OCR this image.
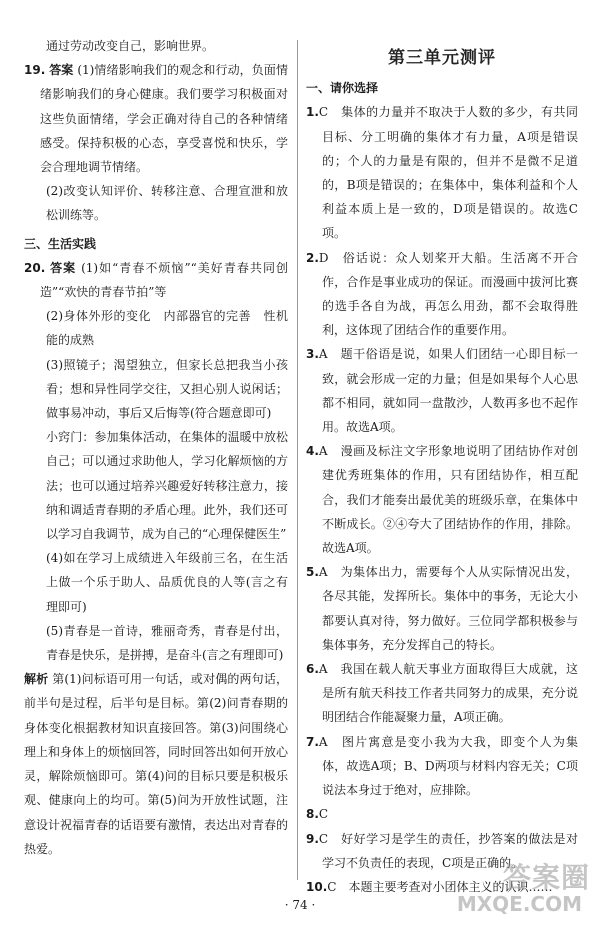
通过劳动改变自己，影响世界。

19. 答案 (1)情绪影响我们的观念和行动，负面情绪影响我们的身心健康。我们要学习积极面对这些负面情绪，学会正确对待自己的各种情绪感受。保持积极的心态，享受喜悦和快乐，学会合理地调节情绪。

(2)改变认知评价、转移注意、合理宣泄和放松训练等。

三、生活实践

20. 答案 (1)如“青春不烦恼”“美好青春共同创造”“欢快的青春节拍”等

(2)身体外形的变化　内部器官的完善　性机能的成熟

(3)照镜子；渴望独立，但家长总把我当小孩看；想和异性同学交往，又担心别人说闲话；做事易冲动，事后又后悔等(符合题意即可)

小窍门：参加集体活动，在集体的温暖中放松自己；可以通过求助他人，学习化解烦恼的方法；也可以通过培养兴趣爱好转移注意力，接纳和调适青春期的矛盾心理。此外，我们还可以学习自我调节，成为自己的“心理保健医生”

(4)如在学习上成绩进入年级前三名，在生活上做一个乐于助人、品质优良的人等(言之有理即可)

(5)青春是一首诗，雅丽奇秀，青春是付出，青春是快乐，是拼搏，是奋斗(言之有理即可)

解析 第(1)问标语可用一句话，或对偶的两句话，前半句是过程，后半句是目标。第(2)问青春期的身体变化根据教材知识直接回答。第(3)问围绕心理上和身体上的烦恼回答，同时回答出如何开放心灵，解除烦恼即可。第(4)问的目标只要是积极乐观、健康向上的均可。第(5)问为开放性试题，注意设计祝福青春的话语要有激情，表达出对青春的热爱。

第三单元测评

一、请你选择

1.C　集体的力量并不取决于人数的多少，有共同目标、分工明确的集体才有力量，A项是错误的；个人的力量是有限的，但并不是微不足道的，B项是错误的；在集体中，集体利益和个人利益本质上是一致的，D项是错误的。故选C项。

2.D　俗话说：众人划桨开大船。生活离不开合作，合作是事业成功的保证。而漫画中拔河比赛的选手各自为战，再怎么用劲，都不会取得胜利，这体现了团结合作的重要作用。

3.A　题干俗语是说，如果人们团结一心即目标一致，就会形成一定的力量；但是如果每个人心思都不相同，就如同一盘散沙，人数再多也不起作用。故选A项。

4.A　漫画及标注文字形象地说明了团结协作对创建优秀班集体的作用，只有团结协作，相互配合，我们才能奏出最优美的班级乐章，在集体中不断成长。②④夸大了团结协作的作用，排除。故选A项。

5.A　为集体出力，需要每个人从实际情况出发，各尽其能，发挥所长。集体中的事务，无论大小都要认真对待，努力做好。三位同学都积极参与集体事务，充分发挥自己的特长。

6.A　我国在载人航天事业方面取得巨大成就，这是所有航天科技工作者共同努力的成果，充分说明团结合作能凝聚力量，A项正确。

7.A　图片寓意是变小我为大我，即变个人为集体，故选A项；B、D两项与材料内容无关；C项说法本身过于绝对，应排除。

8.C

9.C　好好学习是学生的责任，抄答案的做法是对学习不负责任的表现，C项是正确的。

10.C　本题主要考查对小团体主义的认识……

· 74 ·
答案圈
MXQE.COM
